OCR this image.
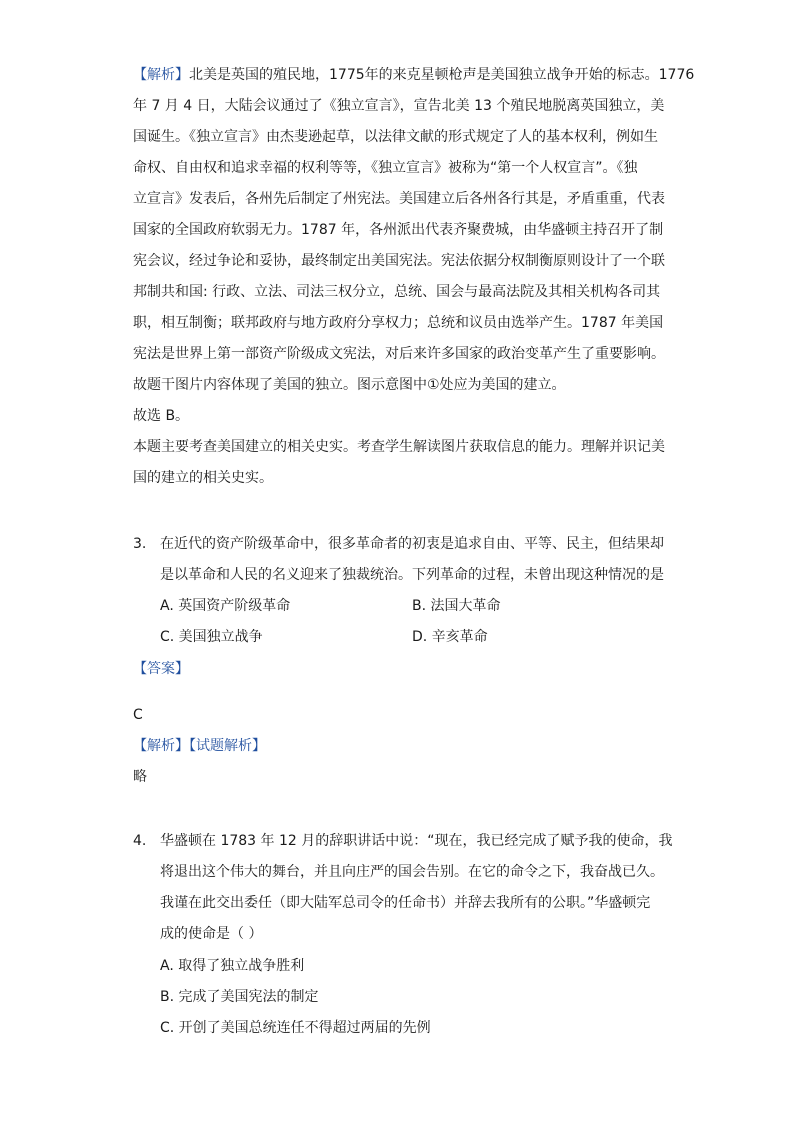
【解析】北美是英国的殖民地，1775年的来克星顿枪声是美国独立战争开始的标志。1776
年 7 月 4 日，大陆会议通过了《独立宣言》，宣告北美 13 个殖民地脱离英国独立，美
国诞生。《独立宣言》由杰斐逊起草，以法律文献的形式规定了人的基本权利，例如生
命权、自由权和追求幸福的权利等等，《独立宣言》被称为“第一个人权宣言”。《独
立宣言》发表后，各州先后制定了州宪法。美国建立后各州各行其是，矛盾重重，代表
国家的全国政府软弱无力。1787 年，各州派出代表齐聚费城，由华盛顿主持召开了制
宪会议，经过争论和妥协，最终制定出美国宪法。宪法依据分权制衡原则设计了一个联
邦制共和国: 行政、立法、司法三权分立，总统、国会与最高法院及其相关机构各司其
职，相互制衡；联邦政府与地方政府分享权力；总统和议员由选举产生。1787 年美国
宪法是世界上第一部资产阶级成文宪法，对后来许多国家的政治变革产生了重要影响。
故题干图片内容体现了美国的独立。图示意图中①处应为美国的建立。
故选 B。
本题主要考查美国建立的相关史实。考查学生解读图片获取信息的能力。理解并识记美
国的建立的相关史实。
3. 在近代的资产阶级革命中，很多革命者的初衷是追求自由、平等、民主，但结果却
是以革命和人民的名义迎来了独裁统治。下列革命的过程，未曾出现这种情况的是
A. 英国资产阶级革命	B. 法国大革命
C. 美国独立战争	D. 辛亥革命
【答案】
C
【解析】【试题解析】
略
4. 华盛顿在 1783 年 12 月的辞职讲话中说：“现在，我已经完成了赋予我的使命，我
将退出这个伟大的舞台，并且向庄严的国会告别。在它的命令之下，我奋战已久。
我谨在此交出委任（即大陆军总司令的任命书）并辞去我所有的公职。”华盛顿完
成的使命是（ ）
A. 取得了独立战争胜利
B. 完成了美国宪法的制定
C. 开创了美国总统连任不得超过两届的先例
